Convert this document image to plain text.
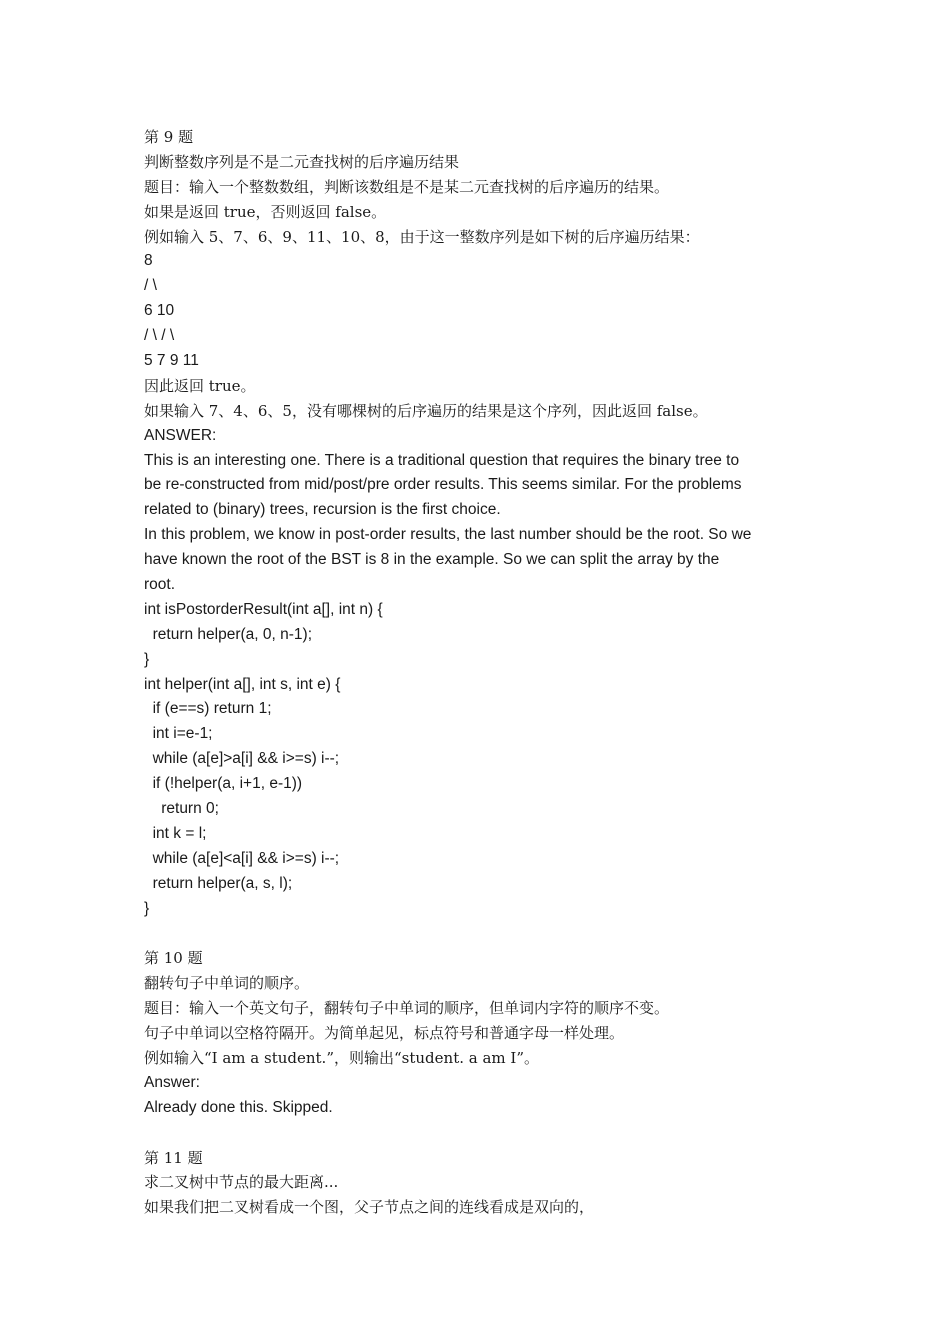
第 9 题
判断整数序列是不是二元查找树的后序遍历结果
题目：输入一个整数数组，判断该数组是不是某二元查找树的后序遍历的结果。
如果是返回 true，否则返回 false。
例如输入 5、7、6、9、11、10、8，由于这一整数序列是如下树的后序遍历结果：
8
/ \
6 10
/ \ / \
5 7 9 11
因此返回 true。
如果输入 7、4、6、5，没有哪棵树的后序遍历的结果是这个序列，因此返回 false。
ANSWER:
This is an interesting one. There is a traditional question that requires the binary tree to
be re-constructed from mid/post/pre order results. This seems similar. For the problems
related to (binary) trees, recursion is the first choice.
In this problem, we know in post-order results, the last number should be the root. So we
have known the root of the BST is 8 in the example. So we can split the array by the
root.
int isPostorderResult(int a[], int n) {
return helper(a, 0, n-1);
}
int helper(int a[], int s, int e) {
if (e==s) return 1;
int i=e-1;
while (a[e]>a[i] && i>=s) i--;
if (!helper(a, i+1, e-1))
return 0;
int k = l;
while (a[e]<a[i] && i>=s) i--;
return helper(a, s, l);
}
第 10 题
翻转句子中单词的顺序。
题目：输入一个英文句子，翻转句子中单词的顺序，但单词内字符的顺序不变。
句子中单词以空格符隔开。为简单起见，标点符号和普通字母一样处理。
例如输入“I am a student.”，则输出“student. a am I”。
Answer:
Already done this. Skipped.
第 11 题
求二叉树中节点的最大距离...
如果我们把二叉树看成一个图，父子节点之间的连线看成是双向的，
